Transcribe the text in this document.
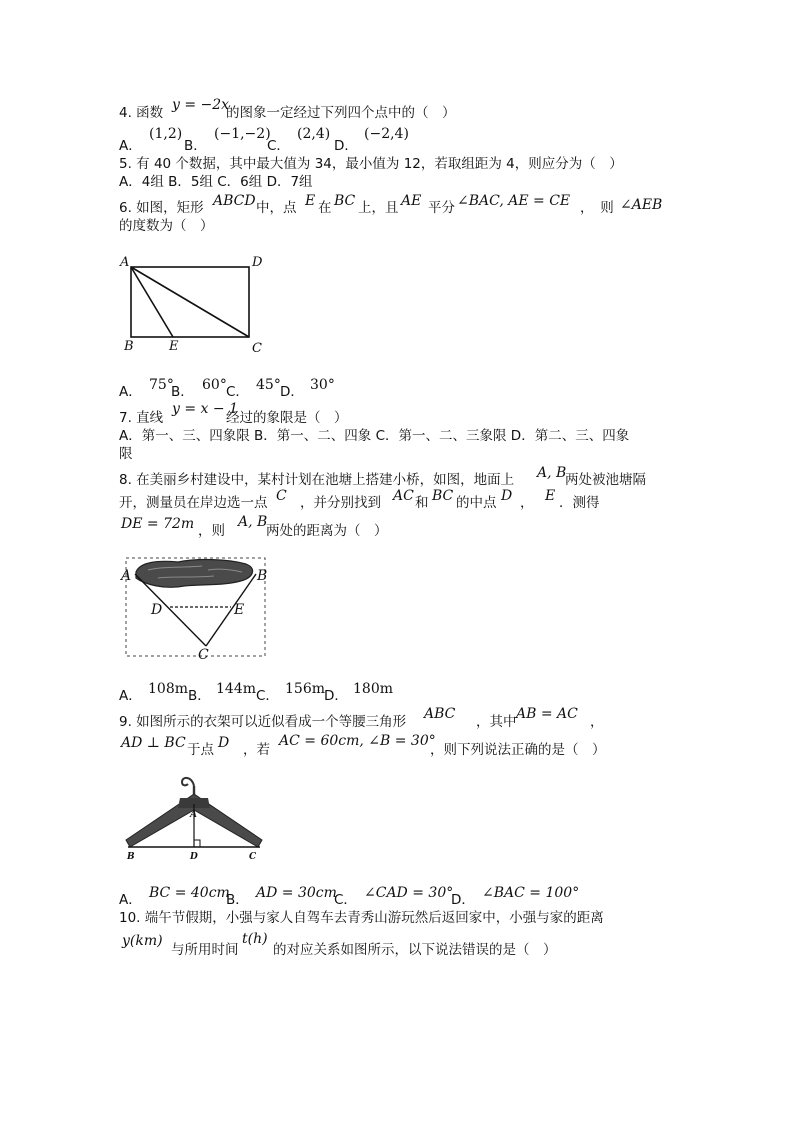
4. 函数 y = −2x
的图象一定经过下列四个点中的（　）
A．
(1,2)
B．
(−1,−2)
C．
(2,4)
D．
(−2,4)
5. 有 40 个数据，其中最大值为 34，最小值为 12，若取组距为 4，则应分为（　）
A．4组 B．5组 C．6组 D．7组
6. 如图，矩形 ABCD 中，点 E 在 BC 上，且 AE 平分 ∠BAC, AE = CE ，　则 ∠AEB
的度数为（　）
A	D
B	E	C
A． 75°
B． 60° C． 45° D． 30°
7. 直线
y = x − 1
经过的象限是（　）
A．第一、三、四象限 B．第一、二、四象 C．第一、二、三象限 D．第二、三、四象
限
8. 在美丽乡村建设中，某村计划在池塘上搭建小桥，如图，地面上 A, B
两处被池塘隔
开，测量员在岸边选一点 C ，并分别找到 AC 和 BC 的中点 D ， E ．测得
DE = 72m ，则
A, B
两处的距离为（　）
A	B
D	E
C
A． 108m B． 144m C． 156m D． 180m
9. 如图所示的衣架可以近似看成一个等腰三角形 ABC ，其中 AB = AC ，
AD ⊥ BC 于点 D ，若
AC = 60cm, ∠B = 30°
，则下列说法正确的是（　）
A
B	D	C
A． BC = 40cm
B． AD = 30cm
C． ∠CAD = 30°
D． ∠BAC = 100°
10. 端午节假期，小强与家人自驾车去青秀山游玩然后返回家中，小强与家的距离
y(km)
与所用时间
t(h)
的对应关系如图所示，以下说法错误的是（　）
